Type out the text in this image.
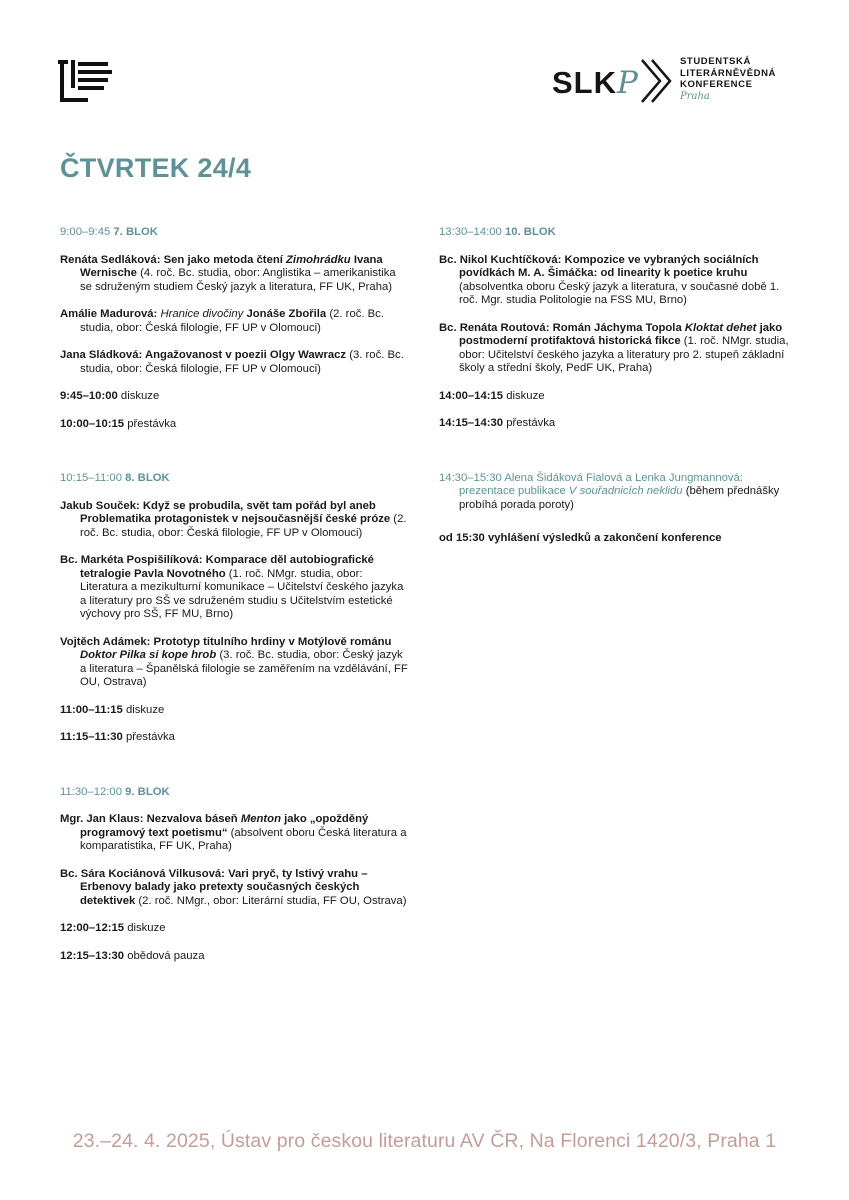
SLKP
STUDENTSKÁ
LITERÁRNĚVĚDNÁ
KONFERENCE
Praha
ČTVRTEK 24/4
9:00–9:45 7. BLOK
Renáta Sedláková: Sen jako metoda čtení Zimohrádku Ivana Wernische (4. roč. Bc. studia, obor: Anglistika – amerikanistika se sdruženým studiem Český jazyk a literatura, FF UK, Praha)
Amálie Madurová: Hranice divočiny Jonáše Zbořila (2. roč. Bc. studia, obor: Česká filologie, FF UP v Olomouci)
Jana Sládková: Angažovanost v poezii Olgy Wawracz (3. roč. Bc. studia, obor: Česká filologie, FF UP v Olomouci)
9:45–10:00 diskuze
10:00–10:15 přestávka
10:15–11:00 8. BLOK
Jakub Souček: Když se probudila, svět tam pořád byl aneb Problematika protagonistek v nejsoučasnější české próze (2. roč. Bc. studia, obor: Česká filologie, FF UP v Olomouci)
Bc. Markéta Pospišilíková: Komparace děl autobiografické tetralogie Pavla Novotného (1. roč. NMgr. studia, obor: Literatura a mezikulturní komunikace – Učitelství českého jazyka a literatury pro SŠ ve sdruženém studiu s Učitelstvím estetické výchovy pro SŠ, FF MU, Brno)
Vojtěch Adámek: Prototyp titulního hrdiny v Motýlově románu Doktor Pilka si kope hrob (3. roč. Bc. studia, obor: Český jazyk a literatura – Španělská filologie se zaměřením na vzdělávání, FF OU, Ostrava)
11:00–11:15 diskuze
11:15–11:30 přestávka
11:30–12:00 9. BLOK
Mgr. Jan Klaus: Nezvalova báseň Menton jako „opožděný programový text poetismu“ (absolvent oboru Česká literatura a komparatistika, FF UK, Praha)
Bc. Sára Kociánová Vilkusová: Vari pryč, ty lstivý vrahu – Erbenovy balady jako pretexty současných českých detektivek (2. roč. NMgr., obor: Literární studia, FF OU, Ostrava)
12:00–12:15 diskuze
12:15–13:30 obědová pauza
13:30–14:00 10. BLOK
Bc. Nikol Kuchtíčková: Kompozice ve vybraných sociálních povídkách M. A. Šimáčka: od linearity k poetice kruhu (absolventka oboru Český jazyk a literatura, v současné době 1. roč. Mgr. studia Politologie na FSS MU, Brno)
Bc. Renáta Routová: Román Jáchyma Topola Kloktat dehet jako postmoderní protifaktová historická fikce (1. roč. NMgr. studia, obor: Učitelství českého jazyka a literatury pro 2. stupeň základní školy a střední školy, PedF UK, Praha)
14:00–14:15 diskuze
14:15–14:30 přestávka
14:30–15:30 Alena Šidáková Fialová a Lenka Jungmannová: prezentace publikace V souřadnicích neklidu (během přednášky probíhá porada poroty)
od 15:30 vyhlášení výsledků a zakončení konference
23.–24. 4. 2025, Ústav pro českou literaturu AV ČR, Na Florenci 1420/3, Praha 1
